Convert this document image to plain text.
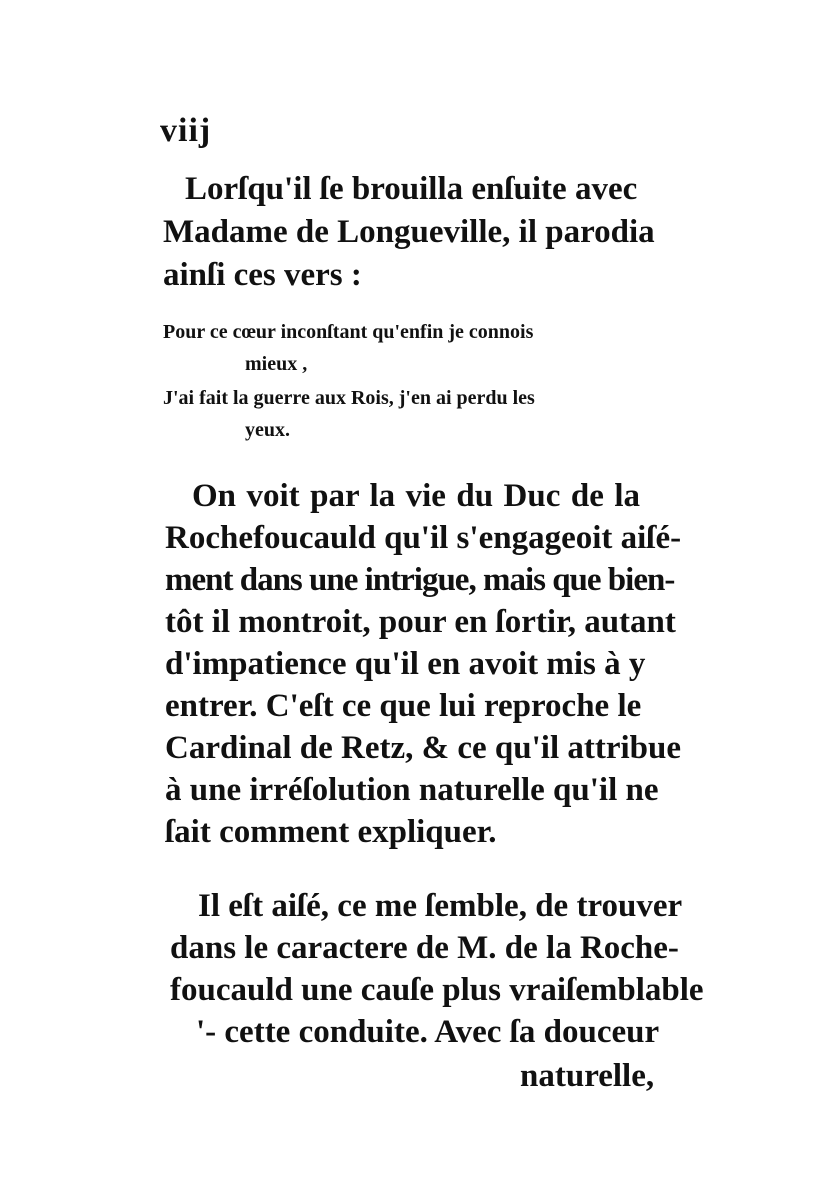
viij
Lorſqu'il ſe brouilla enſuite avec
Madame de Longueville, il parodia
ainſi ces vers :
Pour ce cœur inconſtant qu'enfin je connois
mieux ,
J'ai fait la guerre aux Rois, j'en ai perdu les
yeux.
On voit par la vie du Duc de la
Rochefoucauld qu'il s'engageoit aiſé-
ment dans une intrigue, mais que bien-
tôt il montroit, pour en ſortir, autant
d'impatience qu'il en avoit mis à y
entrer. C'eſt ce que lui reproche le
Cardinal de Retz, & ce qu'il attribue
à une irréſolution naturelle qu'il ne
ſait comment expliquer.
Il eſt aiſé, ce me ſemble, de trouver
dans le caractere de M. de la Roche-
foucauld une cauſe plus vraiſemblable
'- cette conduite. Avec ſa douceur
naturelle,
